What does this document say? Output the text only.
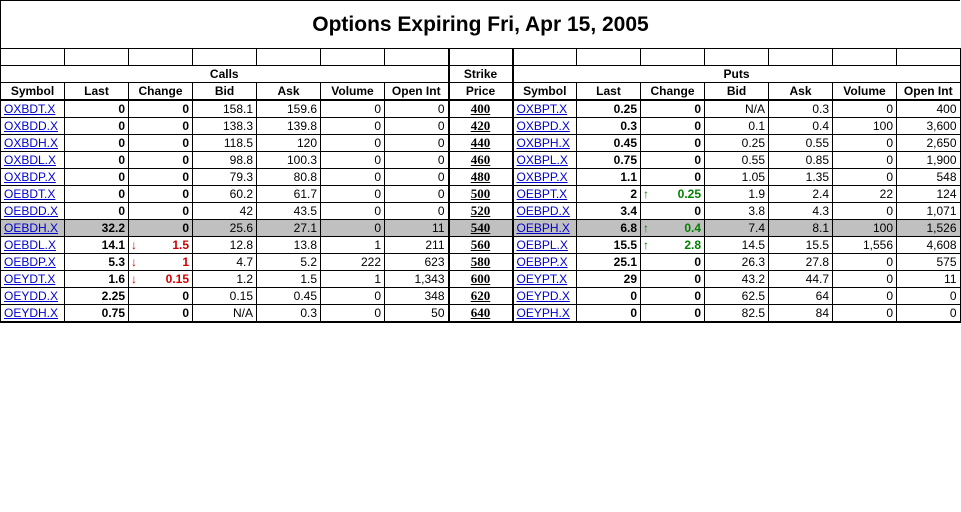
Options Expiring Fri, Apr 15, 2005

Calls							Strike	Puts						
Symbol	Last	Change	Bid	Ask	Volume	Open Int	Price	Symbol	Last	Change	Bid	Ask	Volume	Open Int
OXBDT.X	0	0	158.1	159.6	0	0	400	OXBPT.X	0.25	0	N/A	0.3	0	400
OXBDD.X	0	0	138.3	139.8	0	0	420	OXBPD.X	0.3	0	0.1	0.4	100	3,600
OXBDH.X	0	0	118.5	120	0	0	440	OXBPH.X	0.45	0	0.25	0.55	0	2,650
OXBDL.X	0	0	98.8	100.3	0	0	460	OXBPL.X	0.75	0	0.55	0.85	0	1,900
OXBDP.X	0	0	79.3	80.8	0	0	480	OXBPP.X	1.1	0	1.05	1.35	0	548
OEBDT.X	0	0	60.2	61.7	0	0	500	OEBPT.X	2	↑ 0.25	1.9	2.4	22	124
OEBDD.X	0	0	42	43.5	0	0	520	OEBPD.X	3.4	0	3.8	4.3	0	1,071
OEBDH.X	32.2	0	25.6	27.1	0	11	540	OEBPH.X	6.8	↑ 0.4	7.4	8.1	100	1,526
OEBDL.X	14.1	↓ 1.5	12.8	13.8	1	211	560	OEBPL.X	15.5	↑ 2.8	14.5	15.5	1,556	4,608
OEBDP.X	5.3	↓ 1	4.7	5.2	222	623	580	OEBPP.X	25.1	0	26.3	27.8	0	575
OEYDT.X	1.6	↓ 0.15	1.2	1.5	1	1,343	600	OEYPT.X	29	0	43.2	44.7	0	11
OEYDD.X	2.25	0	0.15	0.45	0	348	620	OEYPD.X	0	0	62.5	64	0	0
OEYDH.X	0.75	0	N/A	0.3	0	50	640	OEYPH.X	0	0	82.5	84	0	0
